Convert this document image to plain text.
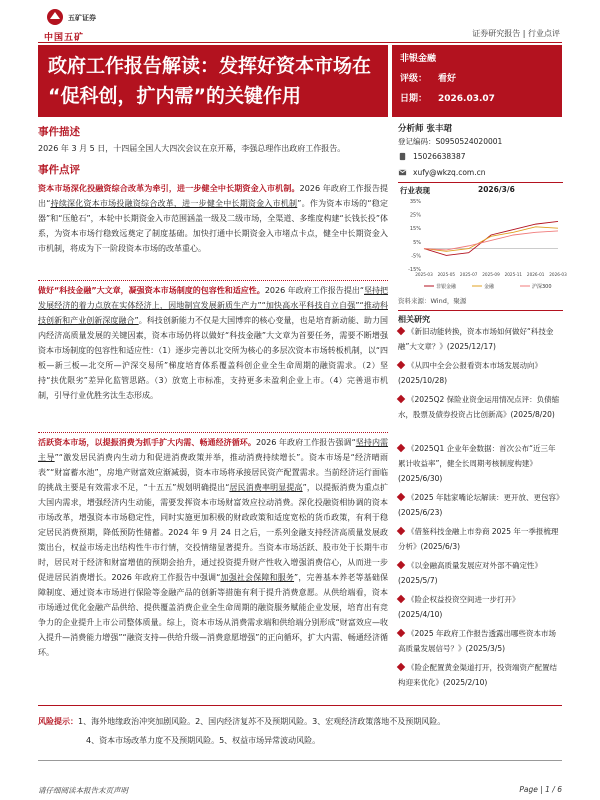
五矿证券
中国五矿	证券研究报告 | 行业点评
政府工作报告解读：发挥好资本市场在
“促科创，扩内需”的关键作用
非银金融
评级：	看好
日期：	2026.03.07
事件描述
2026 年 3 月 5 日，十四届全国人大四次会议在京开幕，李强总理作出政府工作报告。
事件点评
资本市场深化投融资综合改革为牵引，进一步健全中长期资金入市机制。2026 年政府工作报告提出“持续深化资本市场投融资综合改革，进一步健全中长期资金入市机制”。作为资本市场的“稳定器”和“压舱石”，本轮中长期资金入市范围涵盖一级及二级市场，全渠道、多维度构建“长钱长投”体系，为资本市场行稳致远奠定了制度基础。加快打通中长期资金入市堵点卡点，健全中长期资金入市机制，将成为下一阶段资本市场的改革重心。
做好“科技金融”大文章，凝强资本市场制度的包容性和适应性。2026 年政府工作报告提出“坚持把发展经济的着力点放在实体经济上，因地制宜发展新质生产力”“加快高水平科技自立自强”“推动科技创新和产业创新深度融合”。科技创新能力不仅是大国博弈的核心变量，也是培育新动能、助力国内经济高质量发展的关键因素，资本市场仍将以做好“科技金融”大文章为首要任务，需要不断增强资本市场制度的包容性和适应性：（1）逐步完善以北交所为核心的多层次资本市场转板机制，以“四板—新三板—北交所—沪深交易所”梯度培育体系覆盖科创企业全生命周期的融资需求。（2）坚持“扶优限劣”差异化监管思路。（3）放宽上市标准，支持更多未盈利企业上市。（4）完善退市机制，引导行业优胜劣汰生态形成。
活跃资本市场，以提振消费为抓手扩大内需、畅通经济循环。2026 年政府工作报告强调“坚持内需主导”“激发居民消费内生动力和促进消费政策并举，推动消费持续增长”。资本市场是“经济晴雨表”“财富蓄水池”，房地产财富效应渐减弱，资本市场将承接居民资产配置需求。当前经济运行面临的挑战主要是有效需求不足，“十五五”规划明确提出“居民消费率明显提高”，以提振消费为重点扩大国内需求，增强经济内生动能，需要发挥资本市场财富效应拉动消费。深化投融资相协调的资本市场改革，增强资本市场稳定性，同时实施更加积极的财政政策和适度宽松的货币政策，有利于稳定居民消费预期，降低预防性储蓄。2024 年 9 月 24 日之后，一系列金融支持经济高质量发展政策出台，权益市场走出结构性牛市行情，交投情绪显著提升。当资本市场活跃、股市处于长期牛市时，居民对于经济和财富增值的预期会抬升，通过投资提升财产性收入增强消费信心，从而进一步促进居民消费增长。2026 年政府工作报告中强调“加强社会保障和服务”，完善基本养老等基础保障制度、通过资本市场进行保险等金融产品的创新等措施有利于提升消费意愿。从供给端看，资本市场通过优化金融产品供给、提供覆盖消费企业全生命周期的融资服务赋能企业发展，培育出有竞争力的企业提升上市公司整体质量。综上，资本市场从消费需求端和供给端分别形成“财富效应—收入提升—消费能力增强”“融资支持—供给升级—消费意愿增强”的正向循环，扩大内需、畅通经济循环。
分析师 张丰珺
登记编码：S0950524020001
15026638387
xufy@wkzq.com.cn
行业表现	2026/3/6
35%
25%
15%
5%
-5%
-15%
2025-03 2025-05 2025-07 2025-09 2025-11 2026-01 2026-03
非银金融	金融	沪深300
资料来源：Wind，聚源
相关研究
《新旧动能转换，资本市场如何做好“科技金融”大文章？》(2025/12/17)
《从四中全会公报看资本市场发展动向》(2025/10/28)
《2025Q2 保险业资金运用情况点评：负债缩水，股票及债券投资占比创新高》(2025/8/20)
《2025Q1 企业年金数据：首次公布“近三年累计收益率”，健全长周期考核制度构建》(2025/6/30)
《2025 年陆家嘴论坛解读：更开放、更包容》(2025/6/23)
《借鉴科技金融上市券商 2025 年一季报梳理分析》(2025/6/3)
《以金融高质量发展应对外部不确定性》(2025/5/7)
《险企权益投资空间进一步打开》(2025/4/10)
《2025 年政府工作报告透露出哪些资本市场高质量发展信号？》(2025/3/5)
《险企配置黄金渠道打开，投资端资产配置结构迎来优化》(2025/2/10)
风险提示：1、海外地缘政治冲突加剧风险。2、国内经济复苏不及预期风险。3、宏观经济政策落地不及预期风险。
4、资本市场改革力度不及预期风险。5、权益市场异常波动风险。
请仔细阅读本报告末页声明	Page | 1 / 6
